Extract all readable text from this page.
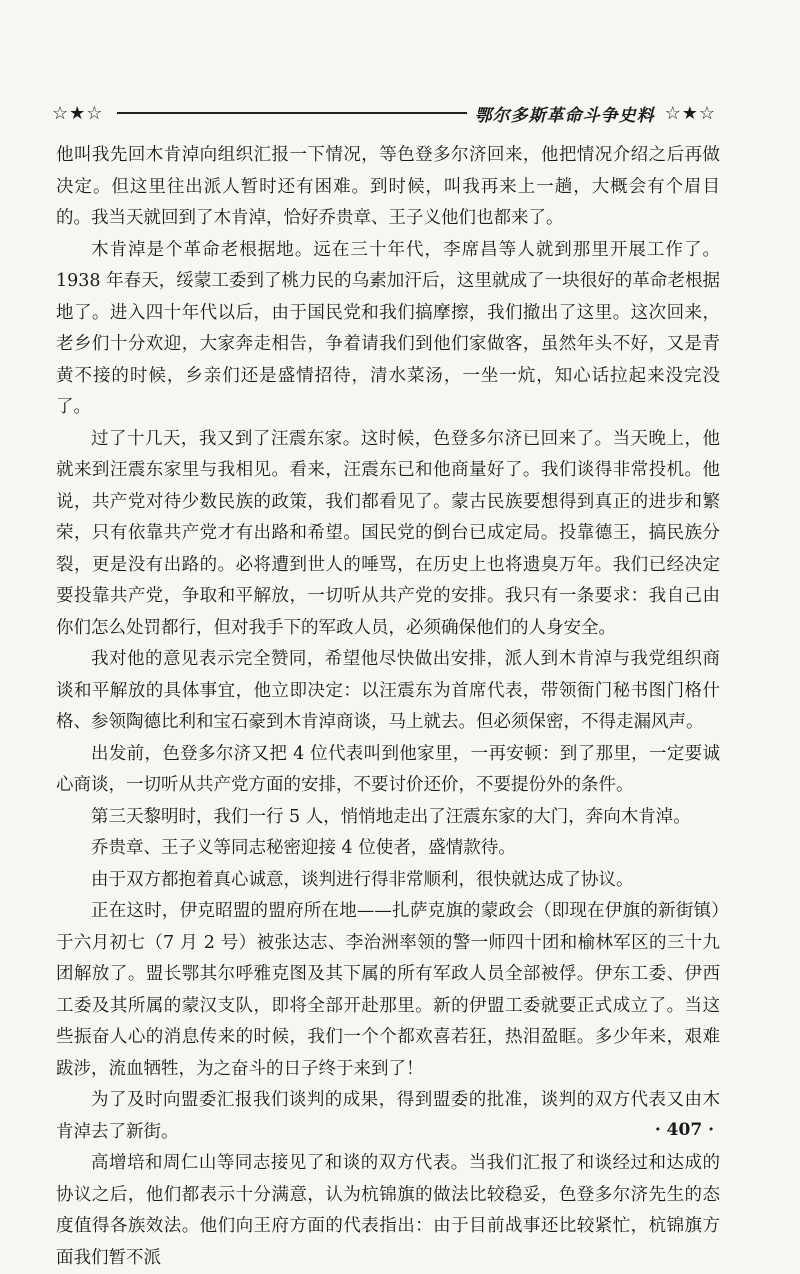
☆★☆	鄂尔多斯革命斗争史料 ☆★☆

他叫我先回木肯淖向组织汇报一下情况，等色登多尔济回来，他把情况介绍之后再做决定。但这里往出派人暂时还有困难。到时候，叫我再来上一趟，大概会有个眉目的。我当天就回到了木肯淖，恰好乔贵章、王子义他们也都来了。

木肯淖是个革命老根据地。远在三十年代，李席昌等人就到那里开展工作了。1938 年春天，绥蒙工委到了桃力民的乌素加汗后，这里就成了一块很好的革命老根据地了。进入四十年代以后，由于国民党和我们搞摩擦，我们撤出了这里。这次回来，老乡们十分欢迎，大家奔走相告，争着请我们到他们家做客，虽然年头不好，又是青黄不接的时候，乡亲们还是盛情招待，清水菜汤，一坐一炕，知心话拉起来没完没了。

过了十几天，我又到了汪震东家。这时候，色登多尔济已回来了。当天晚上，他就来到汪震东家里与我相见。看来，汪震东已和他商量好了。我们谈得非常投机。他说，共产党对待少数民族的政策，我们都看见了。蒙古民族要想得到真正的进步和繁荣，只有依靠共产党才有出路和希望。国民党的倒台已成定局。投靠德王，搞民族分裂，更是没有出路的。必将遭到世人的唾骂，在历史上也将遗臭万年。我们已经决定要投靠共产党，争取和平解放，一切听从共产党的安排。我只有一条要求：我自己由你们怎么处罚都行，但对我手下的军政人员，必须确保他们的人身安全。

我对他的意见表示完全赞同，希望他尽快做出安排，派人到木肯淖与我党组织商谈和平解放的具体事宜，他立即决定：以汪震东为首席代表，带领衙门秘书图门格什格、参领陶德比利和宝石豪到木肯淖商谈，马上就去。但必须保密，不得走漏风声。

出发前，色登多尔济又把 4 位代表叫到他家里，一再安顿：到了那里，一定要诚心商谈，一切听从共产党方面的安排，不要讨价还价，不要提份外的条件。

第三天黎明时，我们一行 5 人，悄悄地走出了汪震东家的大门，奔向木肯淖。

乔贵章、王子义等同志秘密迎接 4 位使者，盛情款待。

由于双方都抱着真心诚意，谈判进行得非常顺利，很快就达成了协议。

正在这时，伊克昭盟的盟府所在地——扎萨克旗的蒙政会（即现在伊旗的新街镇）于六月初七（7 月 2 号）被张达志、李治洲率领的警一师四十团和榆林军区的三十九团解放了。盟长鄂其尔呼雅克图及其下属的所有军政人员全部被俘。伊东工委、伊西工委及其所属的蒙汉支队，即将全部开赴那里。新的伊盟工委就要正式成立了。当这些振奋人心的消息传来的时候，我们一个个都欢喜若狂，热泪盈眶。多少年来，艰难跋涉，流血牺牲，为之奋斗的日子终于来到了！

为了及时向盟委汇报我们谈判的成果，得到盟委的批准，谈判的双方代表又由木肯淖去了新街。

高增培和周仁山等同志接见了和谈的双方代表。当我们汇报了和谈经过和达成的协议之后，他们都表示十分满意，认为杭锦旗的做法比较稳妥，色登多尔济先生的态度值得各族效法。他们向王府方面的代表指出：由于目前战事还比较紧忙，杭锦旗方面我们暂不派

· 407 ·
